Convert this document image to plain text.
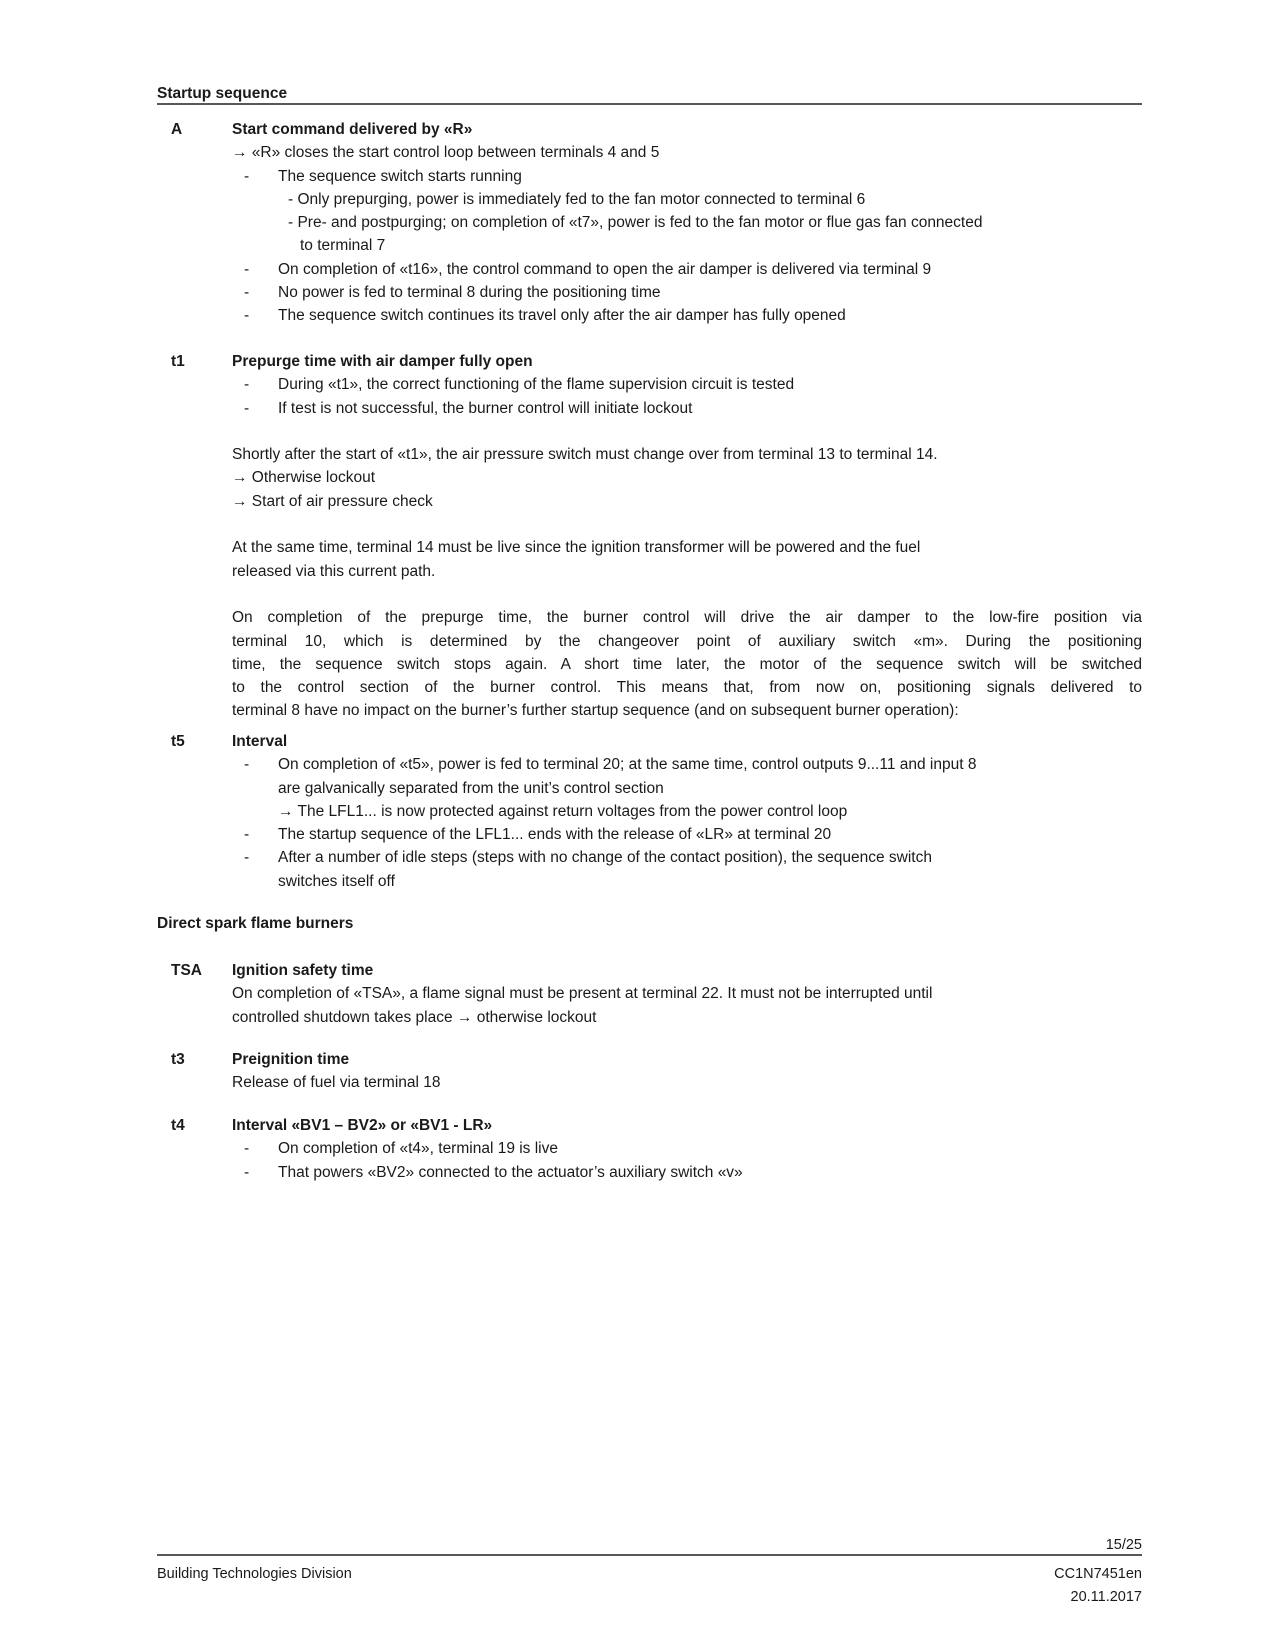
Startup sequence
A	Start command delivered by «R»
→ «R» closes the start control loop between terminals 4 and 5
- The sequence switch starts running
- Only prepurging, power is immediately fed to the fan motor connected to terminal 6
- Pre- and postpurging; on completion of «t7», power is fed to the fan motor or flue gas fan connected
to terminal 7
- On completion of «t16», the control command to open the air damper is delivered via terminal 9
- No power is fed to terminal 8 during the positioning time
- The sequence switch continues its travel only after the air damper has fully opened
t1	Prepurge time with air damper fully open
- During «t1», the correct functioning of the flame supervision circuit is tested
- If test is not successful, the burner control will initiate lockout
Shortly after the start of «t1», the air pressure switch must change over from terminal 13 to terminal 14.
→ Otherwise lockout
→ Start of air pressure check
At the same time, terminal 14 must be live since the ignition transformer will be powered and the fuel
released via this current path.
On completion of the prepurge time, the burner control will drive the air damper to the low-fire position via
terminal 10, which is determined by the changeover point of auxiliary switch «m». During the positioning
time, the sequence switch stops again. A short time later, the motor of the sequence switch will be switched
to the control section of the burner control. This means that, from now on, positioning signals delivered to
terminal 8 have no impact on the burner’s further startup sequence (and on subsequent burner operation):
t5	Interval
- On completion of «t5», power is fed to terminal 20; at the same time, control outputs 9...11 and input 8
are galvanically separated from the unit’s control section
→ The LFL1... is now protected against return voltages from the power control loop
- The startup sequence of the LFL1... ends with the release of «LR» at terminal 20
- After a number of idle steps (steps with no change of the contact position), the sequence switch
switches itself off
Direct spark flame burners
TSA Ignition safety time
On completion of «TSA», a flame signal must be present at terminal 22. It must not be interrupted until
controlled shutdown takes place → otherwise lockout
t3	Preignition time
Release of fuel via terminal 18
t4	Interval «BV1 – BV2» or «BV1 - LR»
- On completion of «t4», terminal 19 is live
- That powers «BV2» connected to the actuator’s auxiliary switch «v»
15/25
Building Technologies Division	CC1N7451en
20.11.2017
